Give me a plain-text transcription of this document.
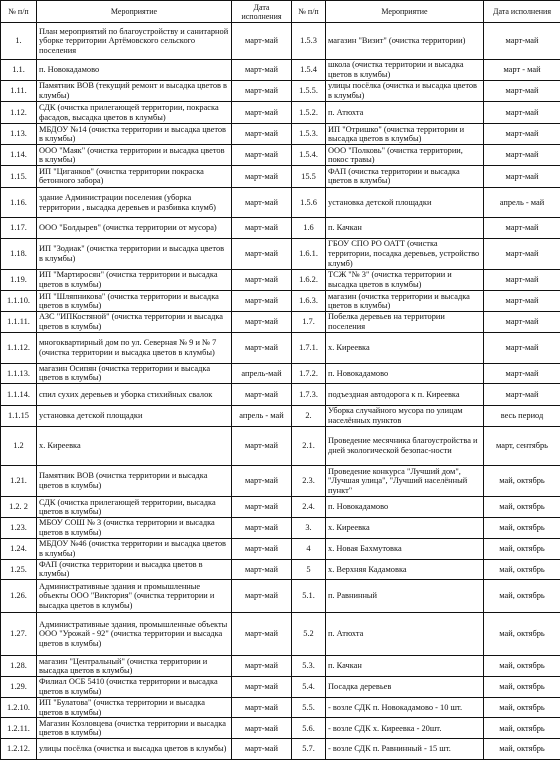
№ п/п	Мероприятие	Дата исполнения	№ п/п	Мероприятие	Дата исполнения
1.	План мероприятий по благоустройству и санитарной уборке территории Артёмовского сельского поселения	март-май	1.5.3	магазин "Визит" (очистка территории)	март-май
1.1.	п. Новокадамово	март-май	1.5.4	школа (очистка территории и высадка цветов в клумбы)	март - май
1.11.	Памятник ВОВ (текущий ремонт и высадка цветов в клумбы)	март-май	1.5.5.	улицы посёлка (очистка и высадка цветов в клумбы)	март-май
1.12.	СДК (очистка прилегающей территории, покраска фасадов, высадка цветов в клумбы)	март-май	1.5.2.	п. Атюхта	март-май
1.13.	МБДОУ №14 (очистка территории и высадка цветов в клумбы)	март-май	1.5.3.	ИП "Отришко" (очистка территории и высадка цветов в клумбы)	март-май
1.14.	ООО "Маяк" (очистка территории и высадка цветов в клумбы)	март-май	1.5.4.	ООО "Полковь" (очистка территории, покос травы)	март-май
1.15.	ИП "Циганков" (очистка территории покраска бетонного забора)	март-май	15.5	ФАП (очистка территории и высадка цветов в клумбы)	март-май
1.16.	здание Администрации поселения (уборка территории , высадка деревьев и разбивка клумб)	март-май	1.5.6	установка детской площадки	апрель - май
1.17.	ООО "Болдырев" (очистка территории от мусора)	март-май	1.6	п. Качкан	март-май
1.18.	ИП "Зодиак" (очистка территории и высадка цветов в клумбы)	март-май	1.6.1.	ГБОУ СПО РО ОАТТ (очистка территории, посадка деревьев, устройство клумб)	март-май
1.19.	ИП "Мартиросян" (очистка территории и высадка цветов в клумбы)	март-май	1.6.2.	ТСЖ "№ 3" (очистка территории и высадка цветов в клумбы)	март-май
1.1.10.	ИП "Шляпникова" (очистка территории и высадка цветов в клумбы)	март-май	1.6.3.	магазин (очистка территории и высадка цветов в клумбы)	март-май
1.1.11.	АЗС "ИПКостяной" (очистка территории и высадка цветов в клумбы)	март-май	1.7.	Побелка деревьев на территории поселения	март-май
1.1.12.	многоквартирный дом по ул. Северная № 9 и № 7 (очистка территории и высадка цветов в клумбы)	март-май	1.7.1.	х. Киреевка	март-май
1.1.13.	магазин Осипян (очистка территории и высадка цветов в клумбы)	апрель-май	1.7.2.	п. Новокадамово	март-май
1.1.14.	спил сухих деревьев и уборка стихийных свалок	март-май	1.7.3.	подъездная автодорога к п. Киреевка	март-май
1.1.15	установка детской площадки	апрель - май	2.	Уборка случайного мусора по улицам населённых пунктов	весь период
1.2	х. Киреевка	март-май	2.1.	Проведение месячника благоустройства и дней экологической безопас-ности	март, сентябрь
1.21.	Памятник ВОВ (очистка территории и высадка цветов в клумбы)	март-май	2.3.	Проведение конкурса "Лучший дом", "Лучшая улица", "Лучший населённый пункт"	май, октябрь
1.2. 2	СДК (очистка прилегающей территории, высадка цветов в клумбы)	март-май	2.4.	п. Новокадамово	май, октябрь
1.23.	МБОУ СОШ № 3 (очистка территории и высадка цветов в клумбы)	март-май	3.	х. Киреевка	май, октябрь
1.24.	МБДОУ №46 (очистка территории и высадка цветов в клумбы)	март-май	4	х. Новая Бахмутовка	май, октябрь
1.25.	ФАП (очистка территории и высадка цветов в клумбы)	март-май	5	х. Верхняя Кадамовка	май, октябрь
1.26.	Административные здания и промышленные объекты ООО "Виктория" (очистка территории и высадка цветов в клумбы)	март-май	5.1.	п. Равнинный	май, октябрь
1.27.	Административные здания, промышленные объекты ООО "Урожай - 92" (очистка территории и высадка цветов в клумбы)	март-май	5.2	п. Атюхта	май, октябрь
1.28.	магазин "Центральный" (очистка территории и высадка цветов в клумбы)	март-май	5.3.	п. Качкан	май, октябрь
1.29.	Филиал ОСБ 5410 (очистка территории и высадка цветов в клумбы)	март-май	5.4.	Посадка деревьев	май, октябрь
1.2.10.	ИП "Булатова" (очистка территории и высадка цветов в клумбы)	март-май	5.5.	- возле СДК п. Новокадамово - 10 шт.	май, октябрь
1.2.11.	Магазин Козловцева (очистка территории и высадка цветов в клумбы)	март-май	5.6.	- возле СДК х. Киреевка - 20шт.	май, октябрь
1.2.12.	улицы посёлка (очистка и высадка цветов в клумбы)	март-май	5.7.	- возле СДК п. Равнинный - 15 шт.	май, октябрь
